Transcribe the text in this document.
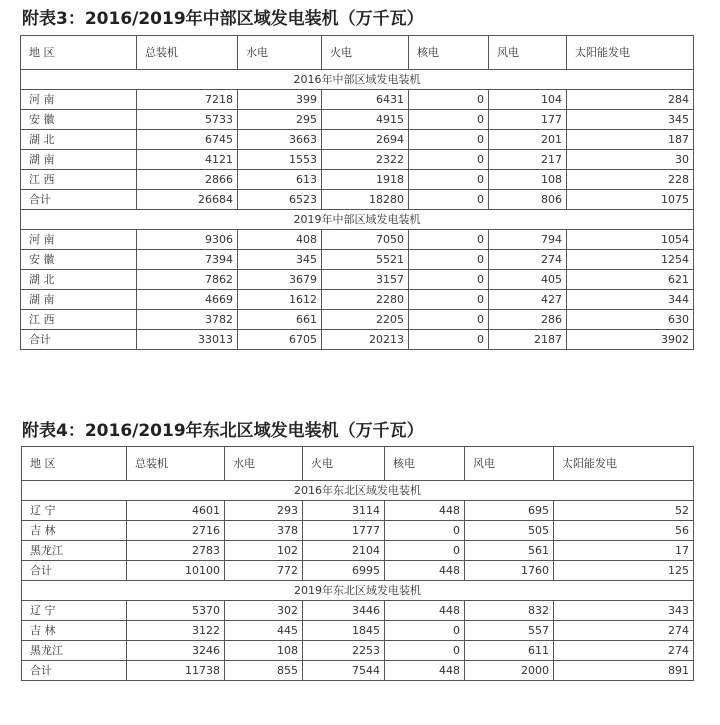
附表3：2016/2019年中部区域发电装机（万千瓦）
地 区	总装机	水电	火电	核电	风电	太阳能发电
2016年中部区域发电装机						
河 南	7218	399	6431	0	104	284
安 徽	5733	295	4915	0	177	345
湖 北	6745	3663	2694	0	201	187
湖 南	4121	1553	2322	0	217	30
江 西	2866	613	1918	0	108	228
合计	26684	6523	18280	0	806	1075
2019年中部区域发电装机						
河 南	9306	408	7050	0	794	1054
安 徽	7394	345	5521	0	274	1254
湖 北	7862	3679	3157	0	405	621
湖 南	4669	1612	2280	0	427	344
江 西	3782	661	2205	0	286	630
合计	33013	6705	20213	0	2187	3902
附表4：2016/2019年东北区域发电装机（万千瓦）
地 区	总装机	水电	火电	核电	风电	太阳能发电
2016年东北区域发电装机						
辽 宁	4601	293	3114	448	695	52
吉 林	2716	378	1777	0	505	56
黑龙江	2783	102	2104	0	561	17
合计	10100	772	6995	448	1760	125
2019年东北区域发电装机						
辽 宁	5370	302	3446	448	832	343
吉 林	3122	445	1845	0	557	274
黑龙江	3246	108	2253	0	611	274
合计	11738	855	7544	448	2000	891
